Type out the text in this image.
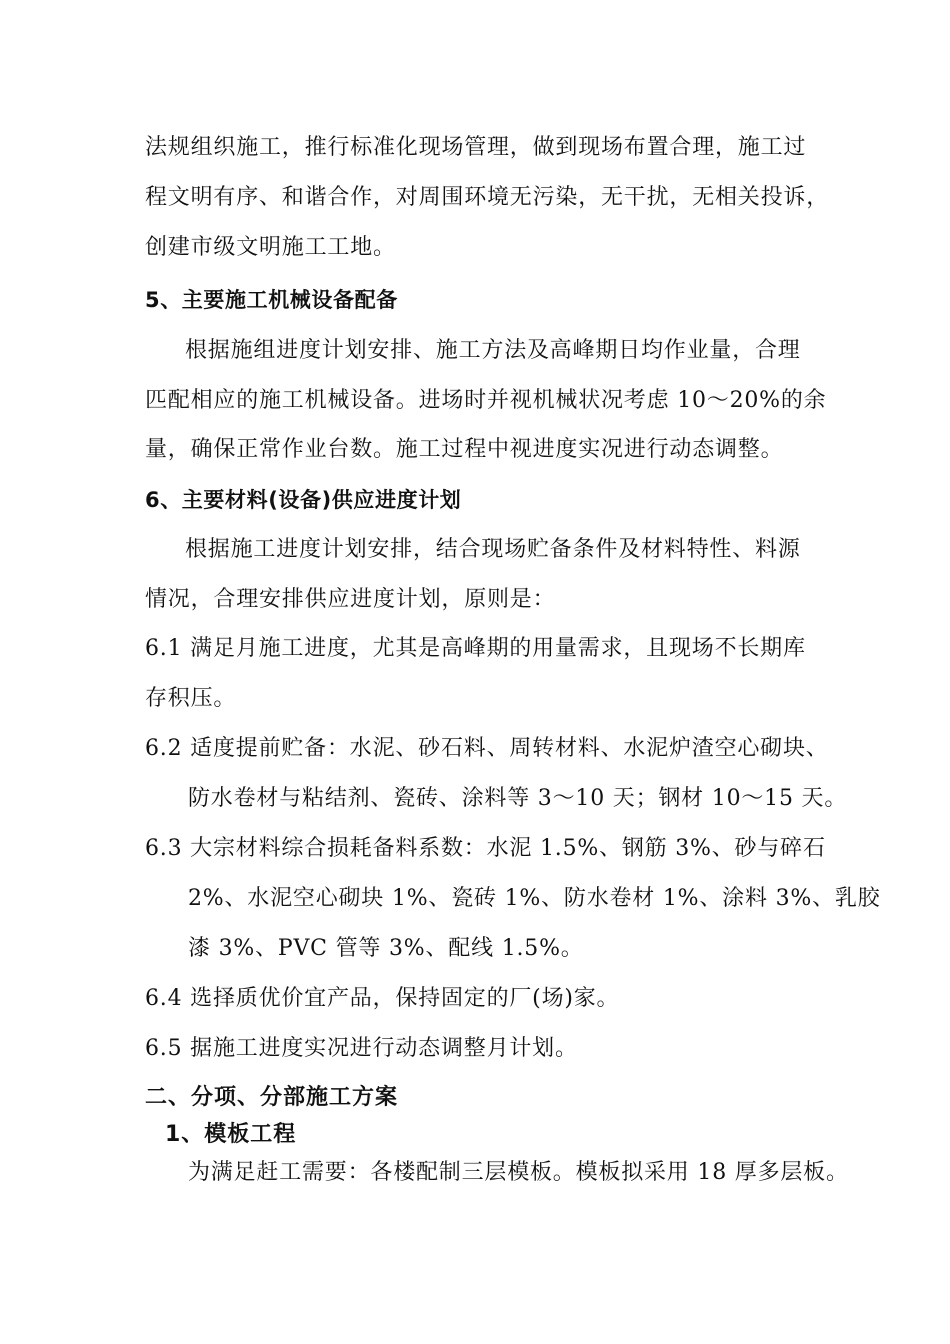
法规组织施工，推行标准化现场管理，做到现场布置合理，施工过
程文明有序、和谐合作，对周围环境无污染，无干扰，无相关投诉，
创建市级文明施工工地。
5、主要施工机械设备配备
根据施组进度计划安排、施工方法及高峰期日均作业量，合理
匹配相应的施工机械设备。进场时并视机械状况考虑 10～20%的余
量，确保正常作业台数。施工过程中视进度实况进行动态调整。
6、主要材料(设备)供应进度计划
根据施工进度计划安排，结合现场贮备条件及材料特性、料源
情况，合理安排供应进度计划，原则是：
6.1 满足月施工进度，尤其是高峰期的用量需求，且现场不长期库
存积压。
6.2 适度提前贮备：水泥、砂石料、周转材料、水泥炉渣空心砌块、
防水卷材与粘结剂、瓷砖、涂料等 3～10 天；钢材 10～15 天。
6.3 大宗材料综合损耗备料系数：水泥 1.5%、钢筋 3%、砂与碎石
2%、水泥空心砌块 1%、瓷砖 1%、防水卷材 1%、涂料 3%、乳胶
漆 3%、PVC 管等 3%、配线 1.5%。
6.4 选择质优价宜产品，保持固定的厂(场)家。
6.5 据施工进度实况进行动态调整月计划。
二、分项、分部施工方案
1、模板工程
为满足赶工需要：各楼配制三层模板。模板拟采用 18 厚多层板。
